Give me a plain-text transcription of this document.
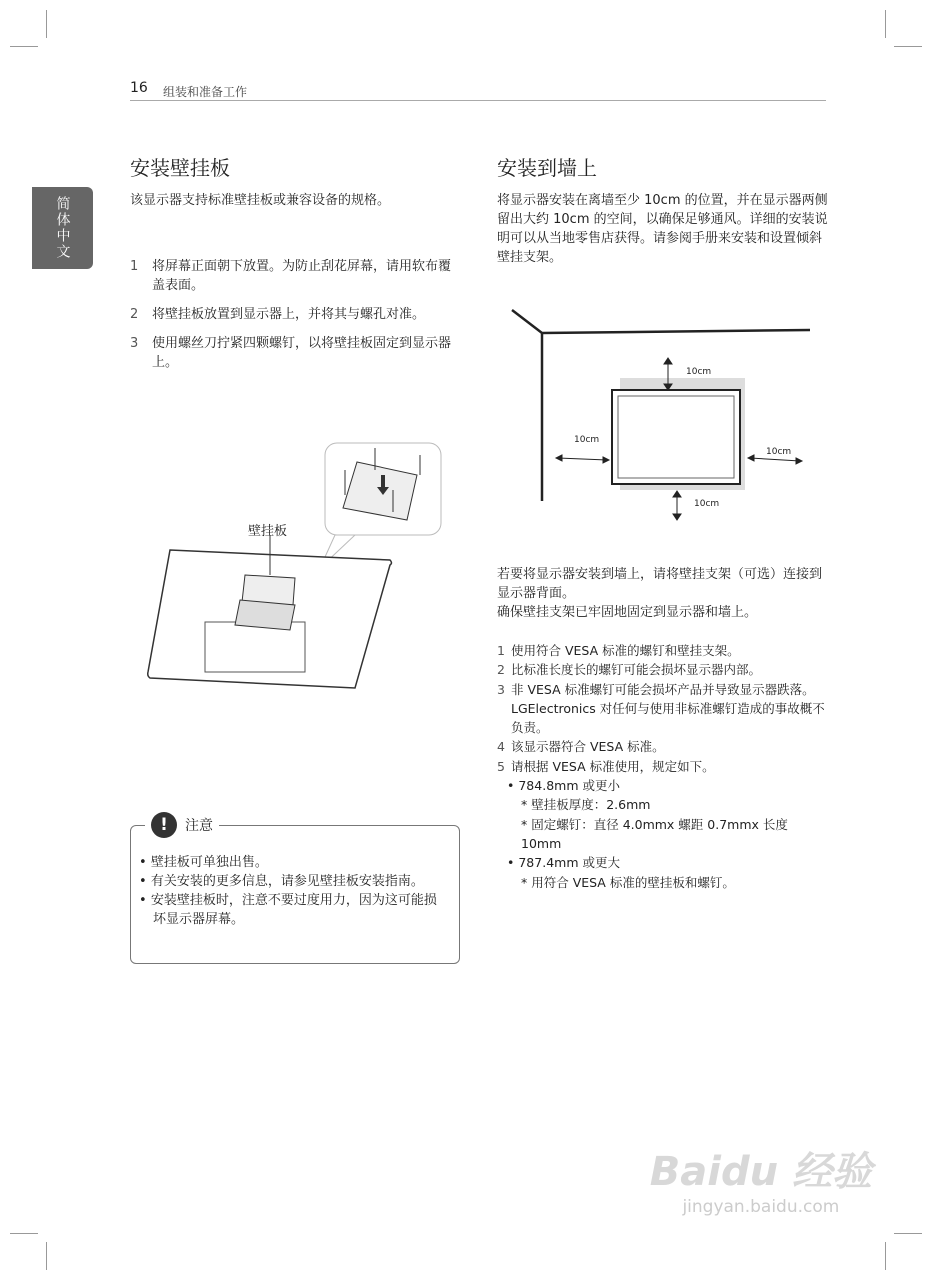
16 组装和准备工作
简体中文
安装壁挂板

该显示器支持标准壁挂板或兼容设备的规格。

1	将屏幕正面朝下放置。为防止刮花屏幕，请用软布覆盖表面。
2	将壁挂板放置到显示器上，并将其与螺孔对准。
3	使用螺丝刀拧紧四颗螺钉，以将壁挂板固定到显示器上。
壁挂板
!	注意
• 壁挂板可单独出售。
• 有关安装的更多信息，请参见壁挂板安装指南。
• 安装壁挂板时，注意不要过度用力，因为这可能损坏显示器屏幕。
安装到墙上

将显示器安装在离墙至少 10cm 的位置，并在显示器两侧留出大约 10cm 的空间，以确保足够通风。详细的安装说明可以从当地零售店获得。请参阅手册来安装和设置倾斜壁挂支架。

10cm
10cm
10cm
10cm

若要将显示器安装到墙上，请将壁挂支架（可选）连接到显示器背面。

确保壁挂支架已牢固地固定到显示器和墙上。

1 使用符合 VESA 标准的螺钉和壁挂支架。
2 比标准长度长的螺钉可能会损坏显示器内部。
3 非 VESA 标准螺钉可能会损坏产品并导致显示器跌落。LGElectronics 对任何与使用非标准螺钉造成的事故概不负责。
4 该显示器符合 VESA 标准。
5 请根据 VESA 标准使用，规定如下。
• 784.8mm 或更小
* 壁挂板厚度：2.6mm
* 固定螺钉：直径 4.0mmx 螺距 0.7mmx 长度 10mm
• 787.4mm 或更大
* 用符合 VESA 标准的壁挂板和螺钉。
Baidu 经验
jingyan.baidu.com
